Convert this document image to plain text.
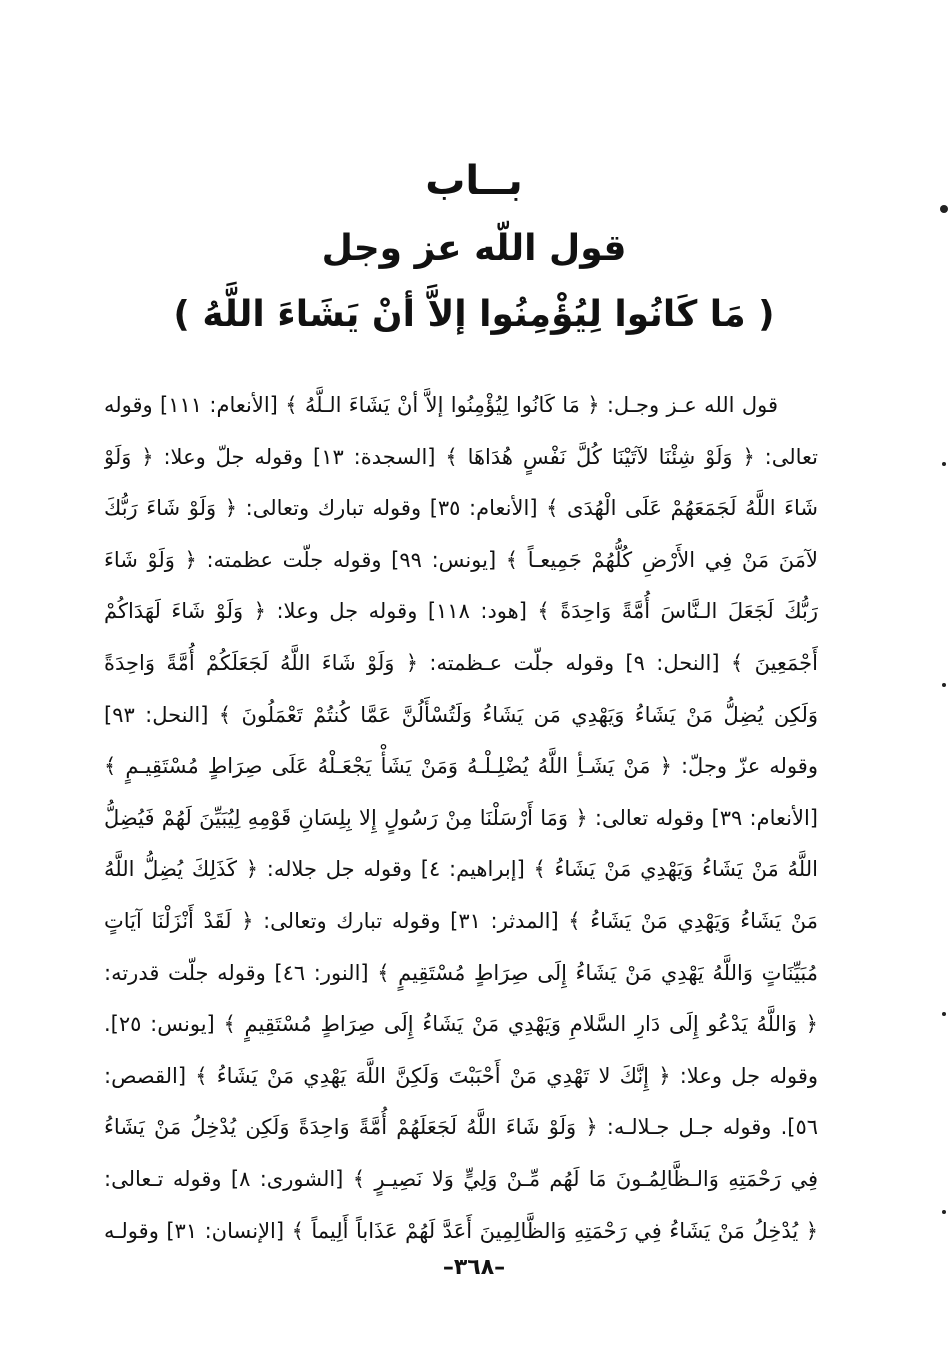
بــاب
قول اللّه عز وجل
( مَا كَانُوا لِيُؤْمِنُوا إلاَّ أنْ يَشَاءَ اللَّهُ )
قول الله عـز وجـل: ﴿ مَا كَانُوا لِيُؤْمِنُوا إلاَّ أنْ يَشَاءَ الـلَّهُ ﴾ [الأنعام: ١١١] وقوله
تعالى: ﴿ وَلَوْ شِئْنَا لآتَيْنَا كُلَّ نَفْسٍ هُدَاهَا ﴾ [السجدة: ١٣] وقوله جلّ وعلا: ﴿ وَلَوْ
شَاءَ اللَّهُ لَجَمَعَهُمْ عَلَى الْهُدَى ﴾ [الأنعام: ٣٥] وقوله تبارك وتعالى: ﴿ وَلَوْ شَاءَ رَبُّكَ
لآمَنَ مَنْ فِي الأَرْضِ كُلُّهُمْ جَمِيعـاً ﴾ [يونس: ٩٩] وقوله جلّت عظمته: ﴿ وَلَوْ شَاءَ
رَبُّكَ لَجَعَلَ الـنَّاسَ أُمَّةً وَاحِدَةً ﴾ [هود: ١١٨] وقوله جل وعلا: ﴿ وَلَوْ شَاءَ لَهَدَاكُمْ
أَجْمَعِينَ ﴾ [النحل: ٩] وقوله جلّت عـظمته: ﴿ وَلَوْ شَاءَ اللَّهُ لَجَعَلَكُمْ أُمَّةً وَاحِدَةً
وَلَكِن يُضِلُّ مَنْ يَشَاءُ وَيَهْدِي مَن يَشَاءُ وَلَتُسْأَلُنَّ عَمَّا كُنتُمْ تَعْمَلُونَ ﴾ [النحل: ٩٣]
وقوله عزّ وجلّ: ﴿ مَنْ يَشَـأِ اللَّهُ يُضْلِـلْـهُ وَمَنْ يَشَأْ يَجْعَـلْهُ عَلَى صِرَاطٍ مُسْتَقِيـمٍ ﴾
[الأنعام: ٣٩] وقوله تعالى: ﴿ وَمَا أَرْسَلْنَا مِنْ رَسُولٍ إِلا بِلِسَانِ قَوْمِهِ لِيُبَيِّنَ لَهُمْ فَيُضِلُّ
اللَّهُ مَنْ يَشَاءُ وَيَهْدِي مَنْ يَشَاءُ ﴾ [إبراهيم: ٤] وقوله جل جلاله: ﴿ كَذَلِكَ يُضِلُّ اللَّهُ
مَنْ يَشَاءُ وَيَهْدِي مَنْ يَشَاءُ ﴾ [المدثر: ٣١] وقوله تبارك وتعالى: ﴿ لَقَدْ أَنْزَلْنَا آيَاتٍ
مُبَيِّنَاتٍ وَاللَّهُ يَهْدِي مَنْ يَشَاءُ إِلَى صِرَاطٍ مُسْتَقِيمٍ ﴾ [النور: ٤٦] وقوله جلّت قدرته:
﴿ وَاللَّهُ يَدْعُو إِلَى دَارِ السَّلامِ وَيَهْدِي مَنْ يَشَاءُ إِلَى صِرَاطٍ مُسْتَقِيمٍ ﴾ [يونس: ٢٥].
وقوله جل وعلا: ﴿ إِنَّكَ لا تَهْدِي مَنْ أَحْبَبْتَ وَلَكِنَّ اللَّهَ يَهْدِي مَنْ يَشَاءُ ﴾ [القصص:
٥٦]. وقوله جـل جـلالـه: ﴿ وَلَوْ شَاءَ اللَّهُ لَجَعَلَهُمْ أُمَّةً وَاحِدَةً وَلَكِن يُدْخِلُ مَنْ يَشَاءُ
فِي رَحْمَتِهِ وَالـظَّالِمُـونَ مَا لَهُم مِّـنْ وَلِيٍّ وَلا نَصِيـرٍ ﴾ [الشورى: ٨] وقوله تـعالى:
﴿ يُدْخِلُ مَنْ يَشَاءُ فِي رَحْمَتِهِ وَالظَّالِمِينَ أَعَدَّ لَهُمْ عَذَاباً أَلِيماً ﴾ [الإنسان: ٣١] وقولـه
–٣٦٨–
